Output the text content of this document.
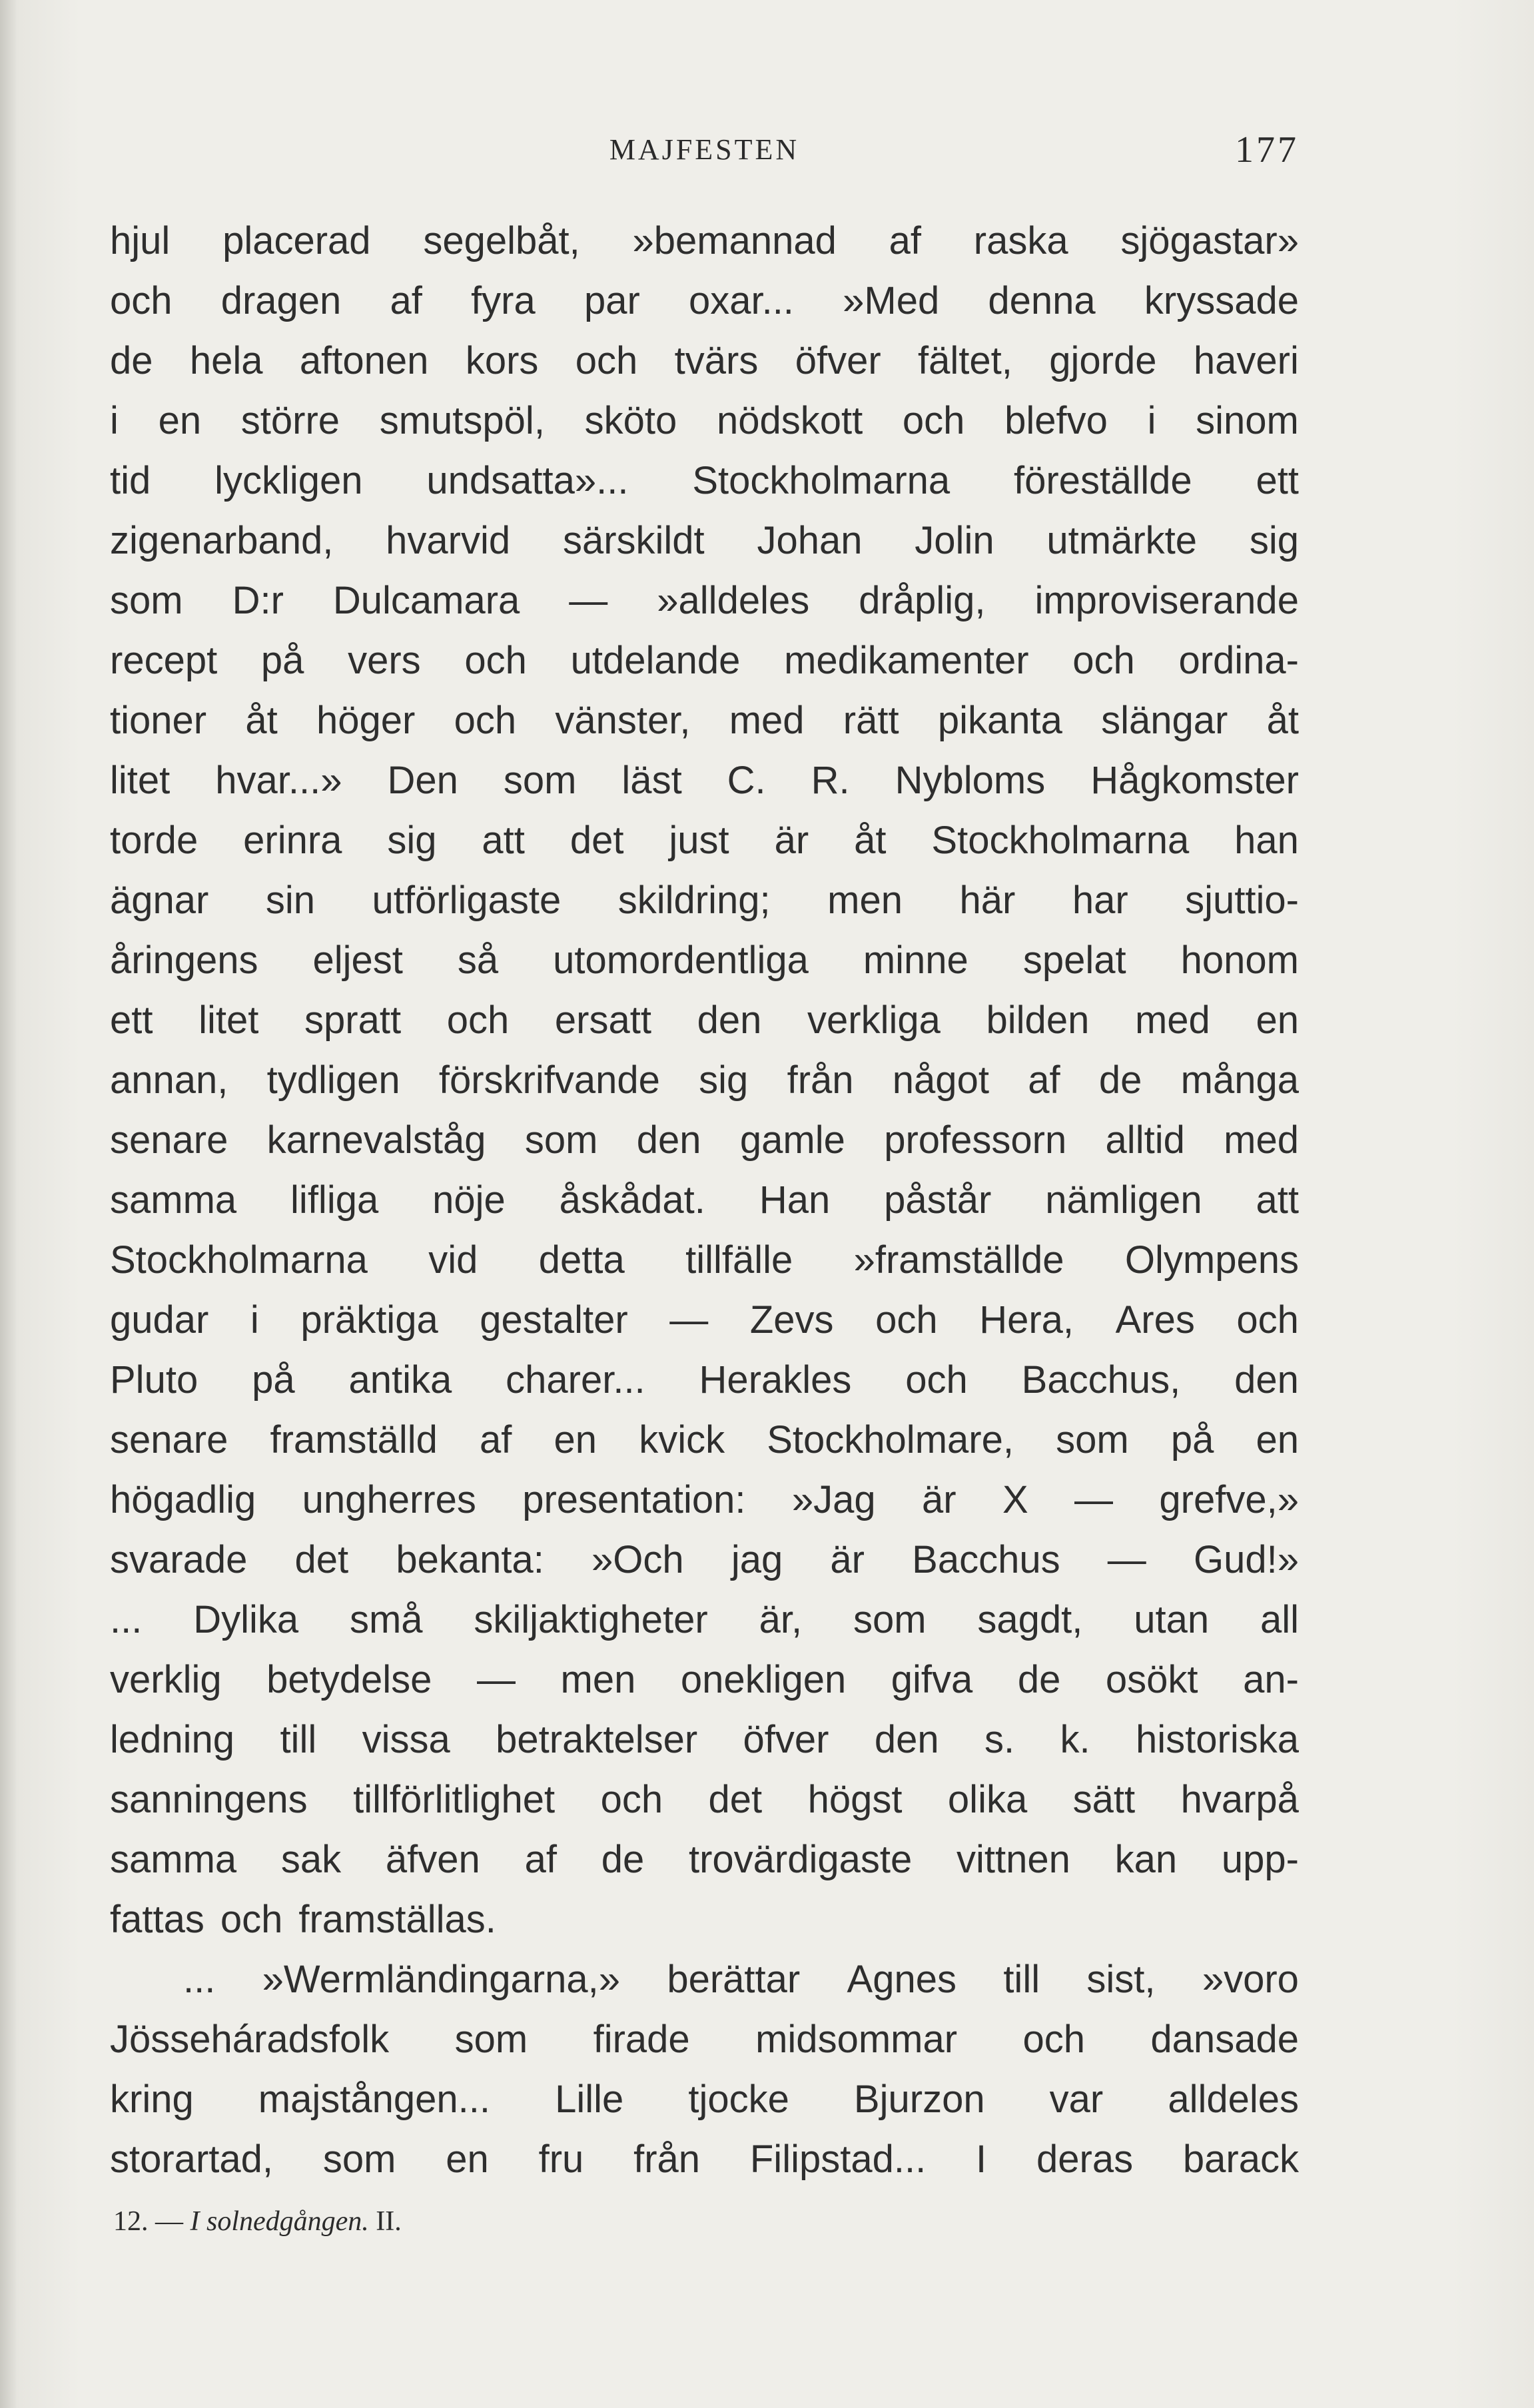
MAJFESTEN	177
hjul placerad segelbåt, »bemannad af raska sjögastar»
och dragen af fyra par oxar... »Med denna kryssade
de hela aftonen kors och tvärs öfver fältet, gjorde haveri
i en större smutspöl, sköto nödskott och blefvo i sinom
tid lyckligen undsatta»... Stockholmarna föreställde ett
zigenarband, hvarvid särskildt Johan Jolin utmärkte sig
som D:r Dulcamara — »alldeles dråplig, improviserande
recept på vers och utdelande medikamenter och ordina-
tioner åt höger och vänster, med rätt pikanta slängar åt
litet hvar...» Den som läst C. R. Nybloms Hågkomster
torde erinra sig att det just är åt Stockholmarna han
ägnar sin utförligaste skildring; men här har sjuttio-
åringens eljest så utomordentliga minne spelat honom
ett litet spratt och ersatt den verkliga bilden med en
annan, tydligen förskrifvande sig från något af de många
senare karnevalståg som den gamle professorn alltid med
samma lifliga nöje åskådat. Han påstår nämligen att
Stockholmarna vid detta tillfälle »framställde Olympens
gudar i präktiga gestalter — Zevs och Hera, Ares och
Pluto på antika charer... Herakles och Bacchus, den
senare framställd af en kvick Stockholmare, som på en
högadlig ungherres presentation: »Jag är X — grefve,»
svarade det bekanta: »Och jag är Bacchus — Gud!»
... Dylika små skiljaktigheter är, som sagdt, utan all
verklig betydelse — men onekligen gifva de osökt an-
ledning till vissa betraktelser öfver den s. k. historiska
sanningens tillförlitlighet och det högst olika sätt hvarpå
samma sak äfven af de trovärdigaste vittnen kan upp-
fattas och framställas.
... »Wermländingarna,» berättar Agnes till sist, »voro
Jösseháradsfolk som firade midsommar och dansade
kring majstången... Lille tjocke Bjurzon var alldeles
storartad, som en fru från Filipstad... I deras barack
12. — I solnedgången. II.
